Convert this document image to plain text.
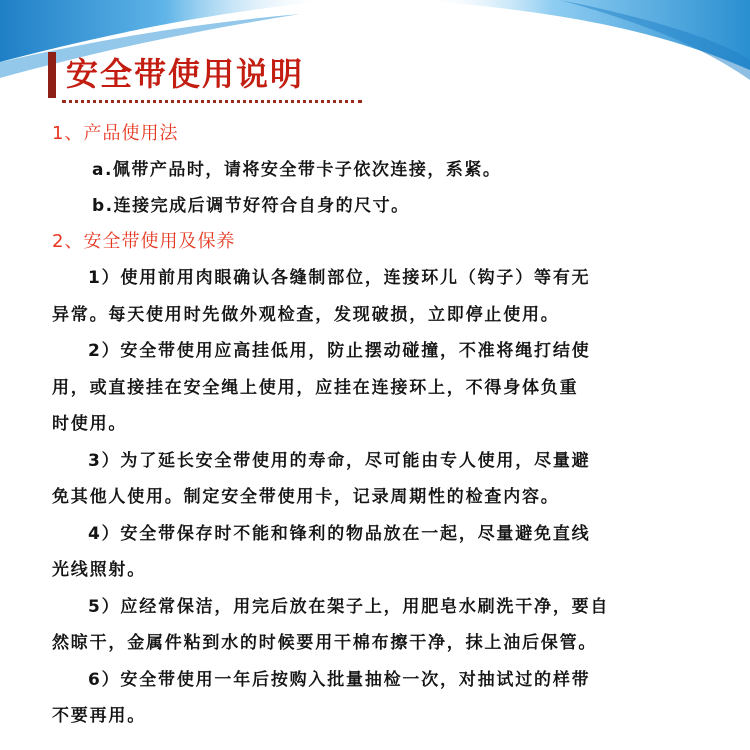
安全带使用说明

1、产品使用法

a.佩带产品时，请将安全带卡子依次连接，系紧。

b.连接完成后调节好符合自身的尺寸。

2、安全带使用及保养

1）使用前用肉眼确认各缝制部位，连接环儿（钩子）等有无
异常。每天使用时先做外观检查，发现破损，立即停止使用。

2）安全带使用应高挂低用，防止摆动碰撞，不准将绳打结使
用，或直接挂在安全绳上使用，应挂在连接环上，不得身体负重
时使用。

3）为了延长安全带使用的寿命，尽可能由专人使用，尽量避
免其他人使用。制定安全带使用卡，记录周期性的检查内容。

4）安全带保存时不能和锋利的物品放在一起，尽量避免直线
光线照射。

5）应经常保洁，用完后放在架子上，用肥皂水刷洗干净，要自
然晾干，金属件粘到水的时候要用干棉布擦干净，抹上油后保管。

6）安全带使用一年后按购入批量抽检一次，对抽试过的样带
不要再用。
